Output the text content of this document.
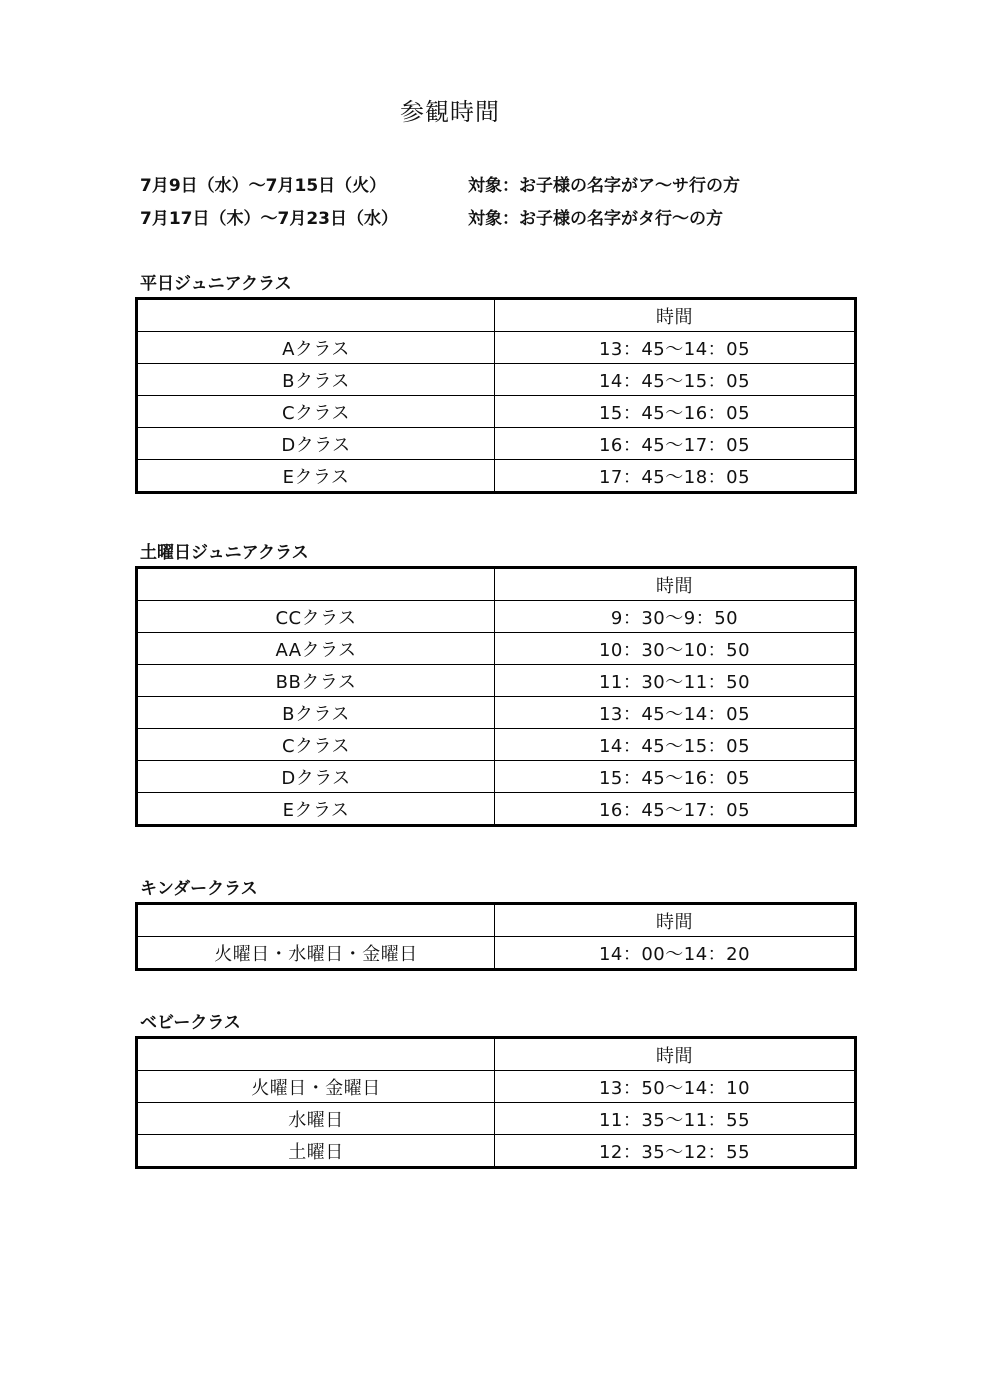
参観時間
7月9日（水）～7月15日（火）	対象：お子様の名字がア～サ行の方
7月17日（木）～7月23日（水）	対象：お子様の名字がタ行～の方
平日ジュニアクラス
	時間
Aクラス	13：45～14：05
Bクラス	14：45～15：05
Cクラス	15：45～16：05
Dクラス	16：45～17：05
Eクラス	17：45～18：05
土曜日ジュニアクラス
	時間
CCクラス	9：30～9：50
AAクラス	10：30～10：50
BBクラス	11：30～11：50
Bクラス	13：45～14：05
Cクラス	14：45～15：05
Dクラス	15：45～16：05
Eクラス	16：45～17：05
キンダークラス
	時間
火曜日・水曜日・金曜日	14：00～14：20
ベビークラス
	時間
火曜日・金曜日	13：50～14：10
水曜日	11：35～11：55
土曜日	12：35～12：55
